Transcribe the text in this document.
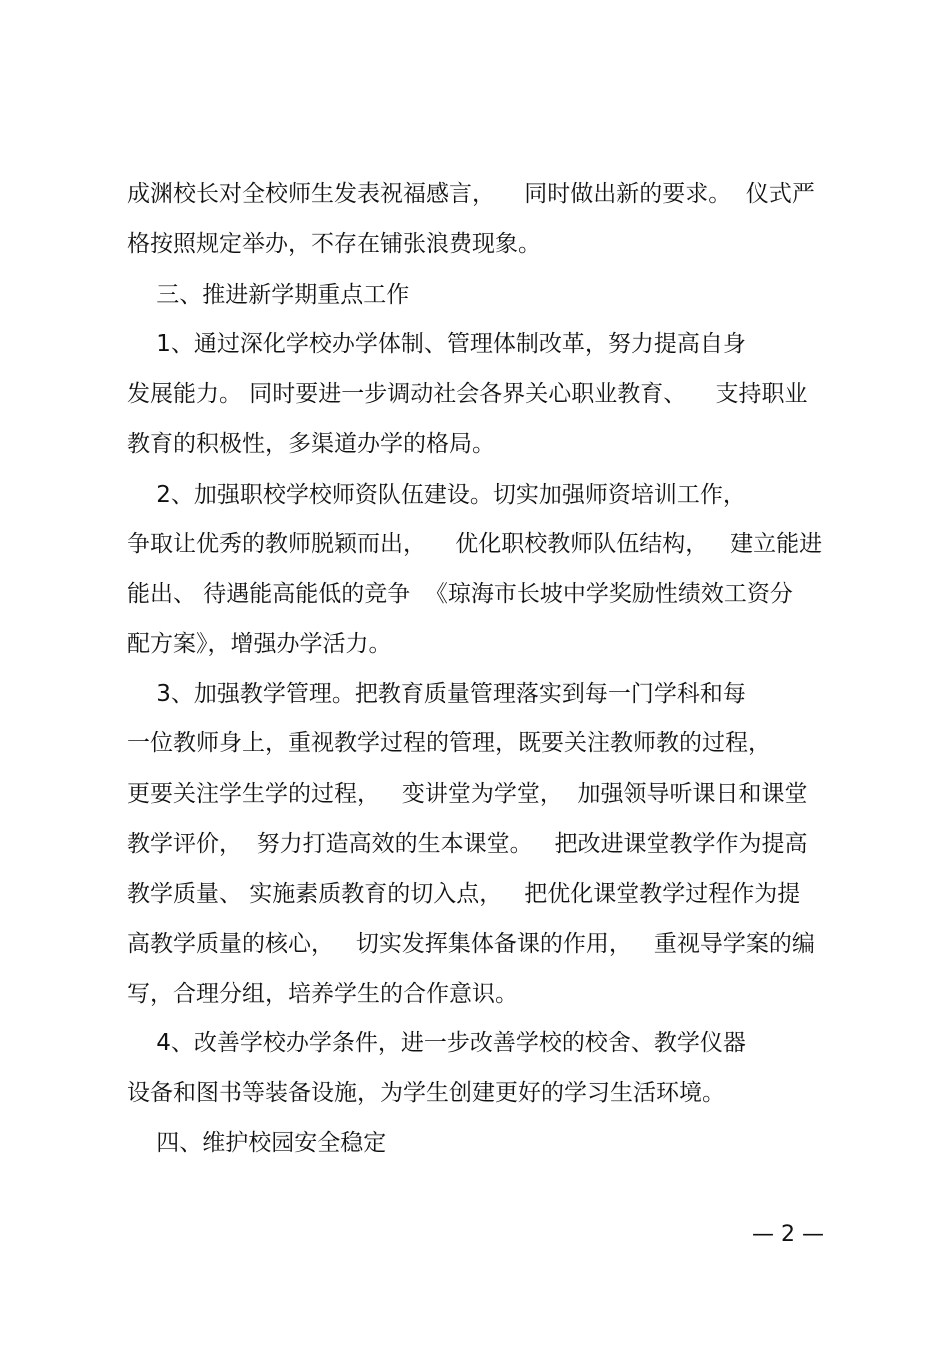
成渊校长对全校师生发表祝福感言，    同时做出新的要求。  仪式严
格按照规定举办，不存在铺张浪费现象。
三、推进新学期重点工作
1、通过深化学校办学体制、管理体制改革，努力提高自身
发展能力。 同时要进一步调动社会各界关心职业教育、    支持职业
教育的积极性，多渠道办学的格局。
2、加强职校学校师资队伍建设。切实加强师资培训工作，
争取让优秀的教师脱颖而出，    优化职校教师队伍结构，   建立能进
能出、 待遇能高能低的竞争  《琼海市长坡中学奖励性绩效工资分
配方案》，增强办学活力。
3、加强教学管理。把教育质量管理落实到每一门学科和每
一位教师身上，重视教学过程的管理，既要关注教师教的过程，
更要关注学生学的过程，   变讲堂为学堂，  加强领导听课日和课堂
教学评价，  努力打造高效的生本课堂。   把改进课堂教学作为提高
教学质量、 实施素质教育的切入点，   把优化课堂教学过程作为提
高教学质量的核心，   切实发挥集体备课的作用，   重视导学案的编
写，合理分组，培养学生的合作意识。
4、改善学校办学条件，进一步改善学校的校舍、教学仪器
设备和图书等装备设施，为学生创建更好的学习生活环境。
四、维护校园安全稳定
— 2 —
